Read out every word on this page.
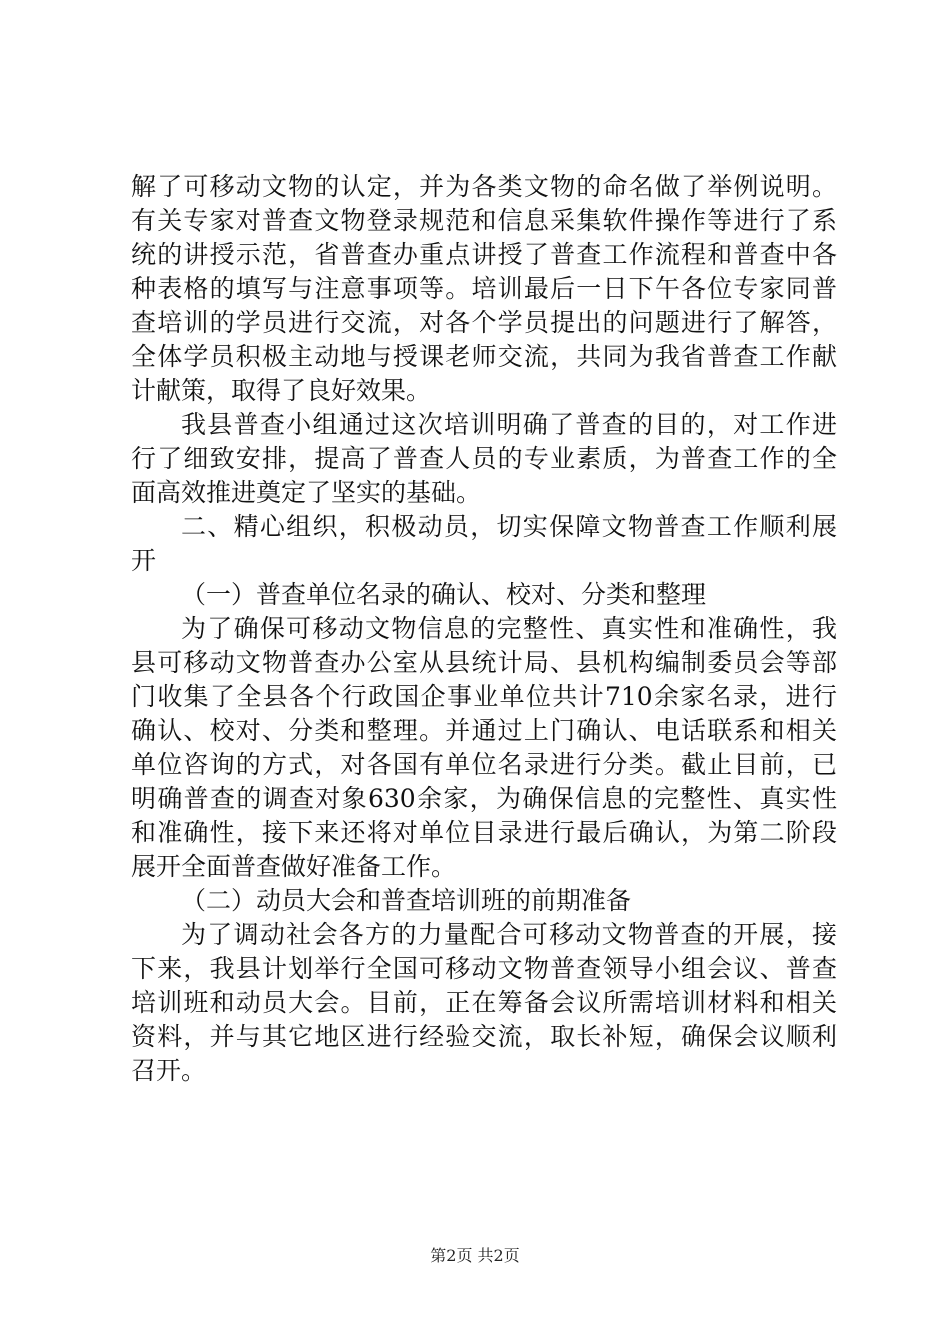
解了可移动文物的认定，并为各类文物的命名做了举例说明。
有关专家对普查文物登录规范和信息采集软件操作等进行了系
统的讲授示范，省普查办重点讲授了普查工作流程和普查中各
种表格的填写与注意事项等。培训最后一日下午各位专家同普
查培训的学员进行交流，对各个学员提出的问题进行了解答，
全体学员积极主动地与授课老师交流，共同为我省普查工作献
计献策，取得了良好效果。
我县普查小组通过这次培训明确了普查的目的，对工作进
行了细致安排，提高了普查人员的专业素质，为普查工作的全
面高效推进奠定了坚实的基础。
二、精心组织，积极动员，切实保障文物普查工作顺利展
开
（一）普查单位名录的确认、校对、分类和整理
为了确保可移动文物信息的完整性、真实性和准确性，我
县可移动文物普查办公室从县统计局、县机构编制委员会等部
门收集了全县各个行政国企事业单位共计710余家名录，进行
确认、校对、分类和整理。并通过上门确认、电话联系和相关
单位咨询的方式，对各国有单位名录进行分类。截止目前，已
明确普查的调查对象630余家，为确保信息的完整性、真实性
和准确性，接下来还将对单位目录进行最后确认，为第二阶段
展开全面普查做好准备工作。
（二）动员大会和普查培训班的前期准备
为了调动社会各方的力量配合可移动文物普查的开展，接
下来，我县计划举行全国可移动文物普查领导小组会议、普查
培训班和动员大会。目前，正在筹备会议所需培训材料和相关
资料，并与其它地区进行经验交流，取长补短，确保会议顺利
召开。
第2页 共2页
